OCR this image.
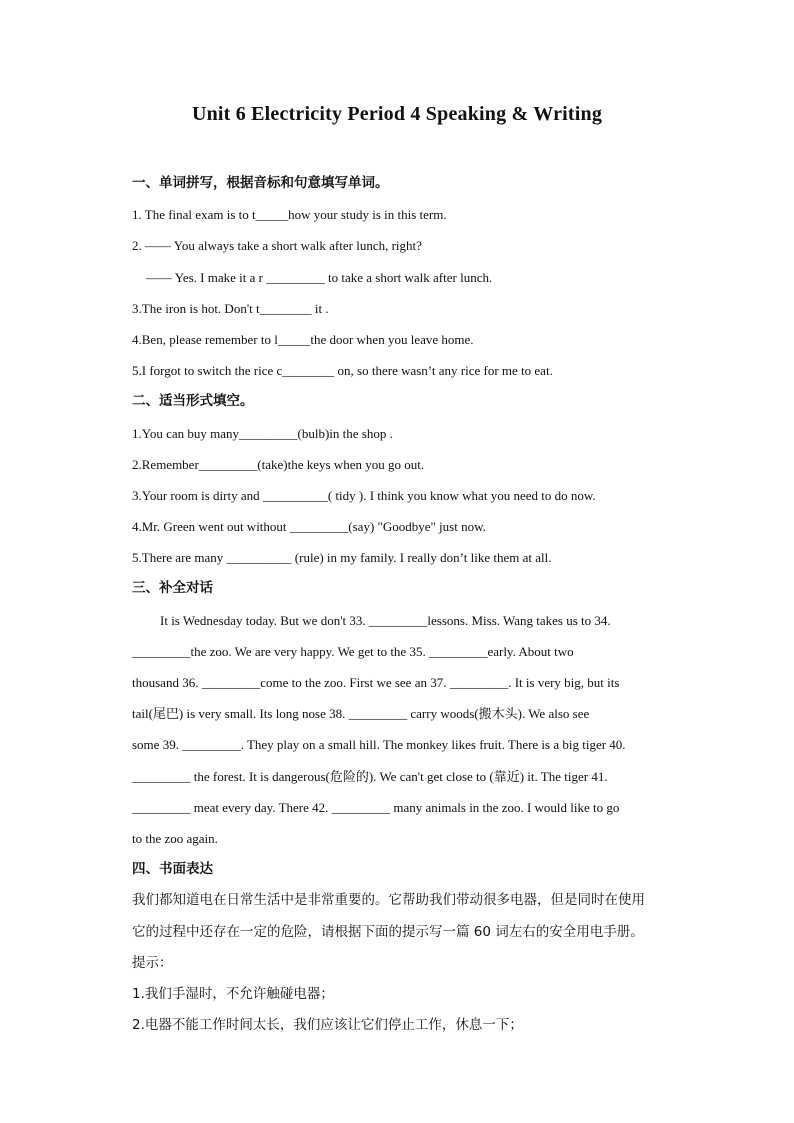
Unit 6 Electricity Period 4 Speaking & Writing
一、单词拼写，根据音标和句意填写单词。
1. The final exam is to t_____how your study is in this term.
2. —— You always take a short walk after lunch, right?
—— Yes. I make it a r _________ to take a short walk after lunch.
3.The iron is hot. Don't t________ it .
4.Ben, please remember to l_____the door when you leave home.
5.I forgot to switch the rice c________ on, so there wasn’t any rice for me to eat.
二、适当形式填空。
1.You can buy many_________(bulb)in the shop .
2.Remember_________(take)the keys when you go out.
3.Your room is dirty and __________( tidy ). I think you know what you need to do now.
4.Mr. Green went out without _________(say) "Goodbye" just now.
5.There are many __________ (rule) in my family. I really don’t like them at all.
三、补全对话
It is Wednesday today. But we don't 33. _________lessons. Miss. Wang takes us to 34.
_________the zoo. We are very happy. We get to the 35. _________early. About two
thousand 36. _________come to the zoo. First we see an 37. _________. It is very big, but its
tail(尾巴) is very small. Its long nose 38. _________ carry woods(搬木头). We also see
some 39. _________. They play on a small hill. The monkey likes fruit. There is a big tiger 40.
_________ the forest. It is dangerous(危险的). We can't get close to (靠近) it. The tiger 41.
_________ meat every day. There 42. _________ many animals in the zoo. I would like to go
to the zoo again.
四、书面表达
我们都知道电在日常生活中是非常重要的。它帮助我们带动很多电器，但是同时在使用
它的过程中还存在一定的危险，请根据下面的提示写一篇 60 词左右的安全用电手册。
提示：
1.我们手湿时，不允许触碰电器；
2.电器不能工作时间太长，我们应该让它们停止工作，休息一下；
